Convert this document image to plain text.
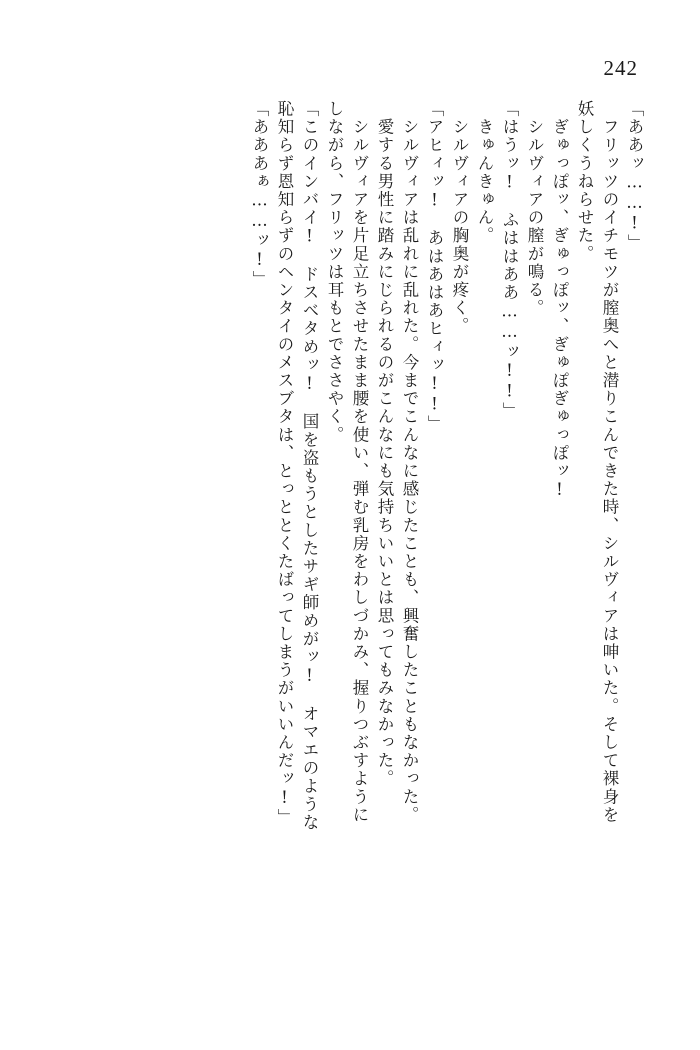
242
「ああッ……!」
　フリッツのイチモツが膣奥へと潜りこんできた時、シルヴィアは呻いた。そして裸身を
妖しくうねらせた。
　ぎゅっぽッ、ぎゅっぽッ、ぎゅぽぎゅっぽッ!
　シルヴィアの膣が鳴る。
「はうッ!　ふははああ……ッ!!」
　きゅんきゅん。
　シルヴィアの胸奥が疼く。
「アヒィッ!　あはあはあヒィッ!!」
　シルヴィアは乱れに乱れた。今までこんなに感じたことも、興奮したこともなかった。
　愛する男性に踏みにじられるのがこんなにも気持ちいいとは思ってもみなかった。
　シルヴィアを片足立ちさせたまま腰を使い、弾む乳房をわしづかみ、握りつぶすように
しながら、フリッツは耳もとでささやく。
「このインバイ!　ドスベタめッ!　国を盗もうとしたサギ師めがッ!　オマエのような
恥知らず恩知らずのヘンタイのメスブタは、とっととくたばってしまうがいいんだッ!」
「あああぁ……ッ!」
